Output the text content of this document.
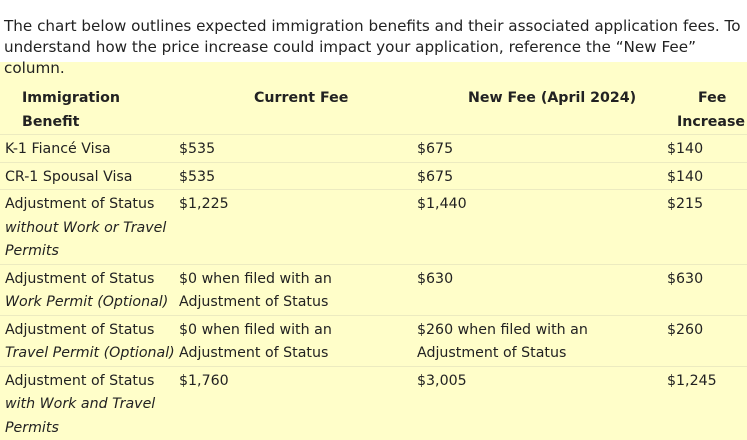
The chart below outlines expected immigration benefits and their associated application fees. To understand how the price increase could impact your application, reference the “New Fee” column.
Immigration Benefit	Current Fee	New Fee (April 2024)	Fee
Increase

K-1 Fiancé Visa	$535	$675	$140

CR-1 Spousal Visa	$535	$675	$140

Adjustment of Status
without Work or Travel Permits	$1,225	$1,440	$215

Adjustment of Status
Work Permit (Optional)	$0 when filed with an Adjustment of Status	$630	$630

Adjustment of Status
Travel Permit (Optional)	$0 when filed with an Adjustment of Status	$260 when filed with an Adjustment of Status	$260

Adjustment of Status
with Work and Travel Permits	$1,760	$3,005	$1,245
